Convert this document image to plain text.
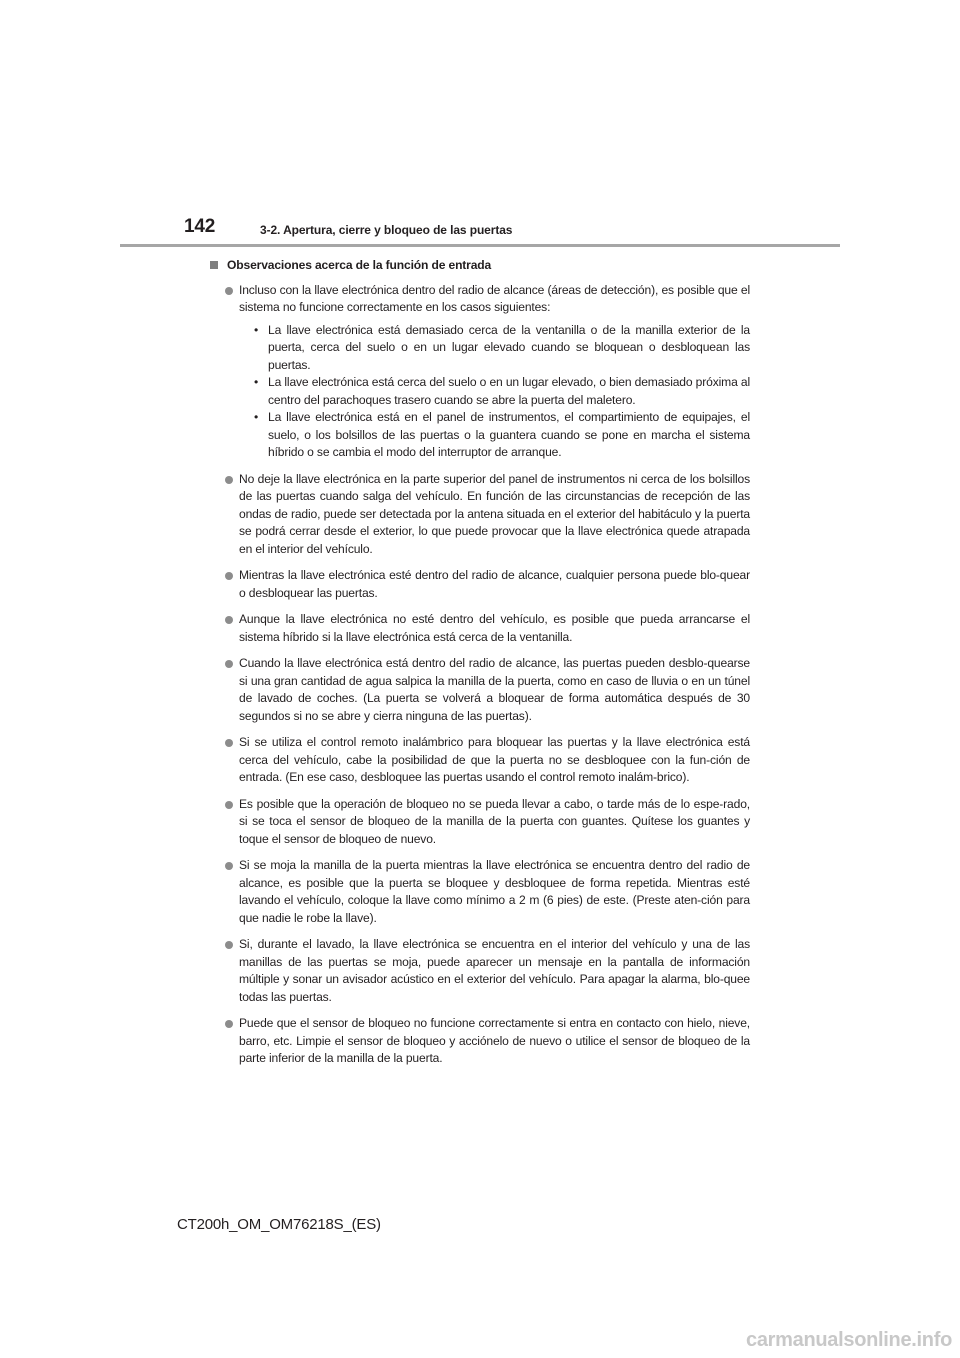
142	3-2. Apertura, cierre y bloqueo de las puertas
Observaciones acerca de la función de entrada
Incluso con la llave electrónica dentro del radio de alcance (áreas de detección), es posible que el sistema no funcione correctamente en los casos siguientes:
• La llave electrónica está demasiado cerca de la ventanilla o de la manilla exterior de la puerta, cerca del suelo o en un lugar elevado cuando se bloquean o desbloquean las puertas.
• La llave electrónica está cerca del suelo o en un lugar elevado, o bien demasiado próxima al centro del parachoques trasero cuando se abre la puerta del maletero.
• La llave electrónica está en el panel de instrumentos, el compartimiento de equipajes, el suelo, o los bolsillos de las puertas o la guantera cuando se pone en marcha el sistema híbrido o se cambia el modo del interruptor de arranque.
No deje la llave electrónica en la parte superior del panel de instrumentos ni cerca de los bolsillos de las puertas cuando salga del vehículo. En función de las circunstancias de recepción de las ondas de radio, puede ser detectada por la antena situada en el exterior del habitáculo y la puerta se podrá cerrar desde el exterior, lo que puede provocar que la llave electrónica quede atrapada en el interior del vehículo.
Mientras la llave electrónica esté dentro del radio de alcance, cualquier persona puede blo-quear o desbloquear las puertas.
Aunque la llave electrónica no esté dentro del vehículo, es posible que pueda arrancarse el sistema híbrido si la llave electrónica está cerca de la ventanilla.
Cuando la llave electrónica está dentro del radio de alcance, las puertas pueden desblo-quearse si una gran cantidad de agua salpica la manilla de la puerta, como en caso de lluvia o en un túnel de lavado de coches. (La puerta se volverá a bloquear de forma automática después de 30 segundos si no se abre y cierra ninguna de las puertas).
Si se utiliza el control remoto inalámbrico para bloquear las puertas y la llave electrónica está cerca del vehículo, cabe la posibilidad de que la puerta no se desbloquee con la fun-ción de entrada. (En ese caso, desbloquee las puertas usando el control remoto inalám-brico).
Es posible que la operación de bloqueo no se pueda llevar a cabo, o tarde más de lo espe-rado, si se toca el sensor de bloqueo de la manilla de la puerta con guantes. Quítese los guantes y toque el sensor de bloqueo de nuevo.
Si se moja la manilla de la puerta mientras la llave electrónica se encuentra dentro del radio de alcance, es posible que la puerta se bloquee y desbloquee de forma repetida. Mientras esté lavando el vehículo, coloque la llave como mínimo a 2 m (6 pies) de este. (Preste aten-ción para que nadie le robe la llave).
Si, durante el lavado, la llave electrónica se encuentra en el interior del vehículo y una de las manillas de las puertas se moja, puede aparecer un mensaje en la pantalla de información múltiple y sonar un avisador acústico en el exterior del vehículo. Para apagar la alarma, blo-quee todas las puertas.
Puede que el sensor de bloqueo no funcione correctamente si entra en contacto con hielo, nieve, barro, etc. Limpie el sensor de bloqueo y acciónelo de nuevo o utilice el sensor de bloqueo de la parte inferior de la manilla de la puerta.
CT200h_OM_OM76218S_(ES)
carmanualsonline.info
